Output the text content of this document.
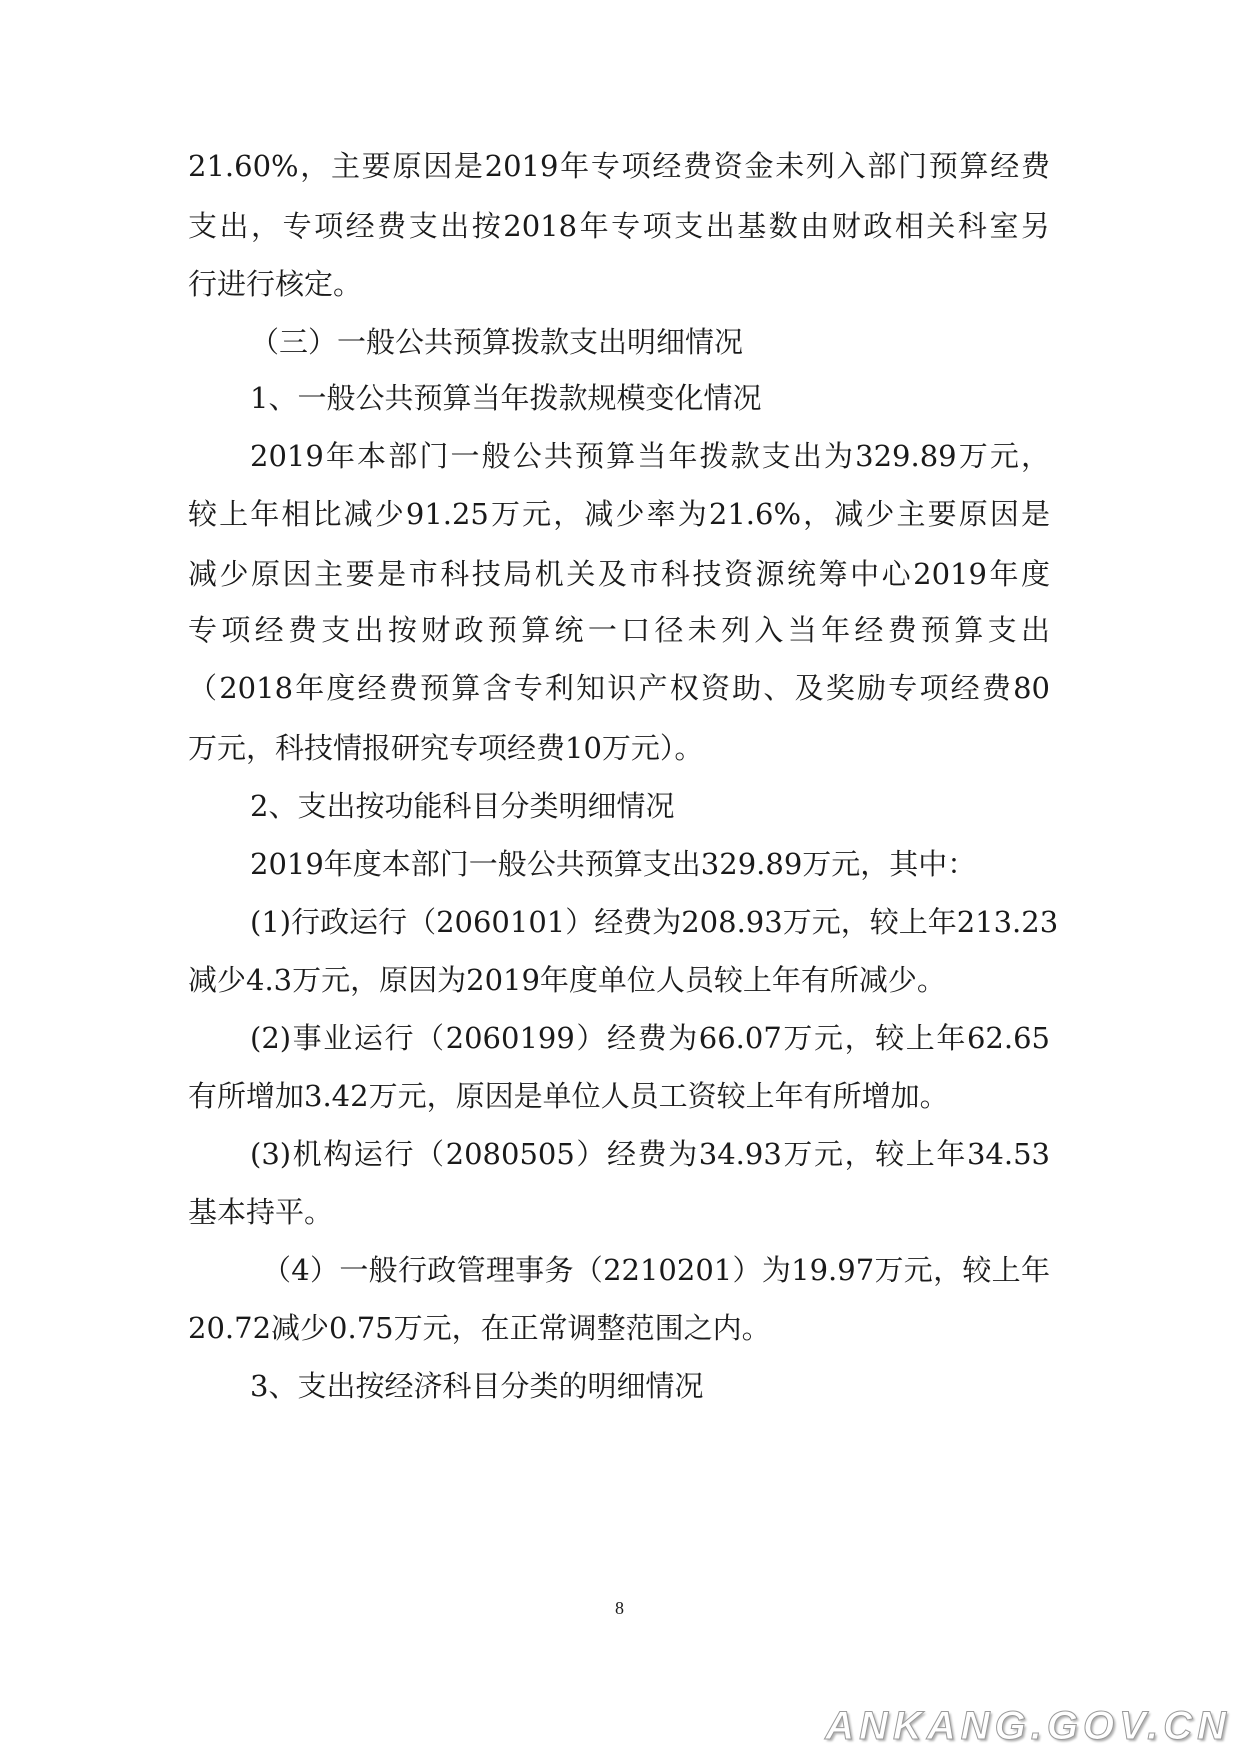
21.60%，主要原因是2019年专项经费资金未列入部门预算经费

支出，专项经费支出按2018年专项支出基数由财政相关科室另

行进行核定。

（三）一般公共预算拨款支出明细情况

1、一般公共预算当年拨款规模变化情况

2019年本部门一般公共预算当年拨款支出为329.89万元，

较上年相比减少91.25万元，减少率为21.6%，减少主要原因是

减少原因主要是市科技局机关及市科技资源统筹中心2019年度

专项经费支出按财政预算统一口径未列入当年经费预算支出

（2018年度经费预算含专利知识产权资助、及奖励专项经费80

万元，科技情报研究专项经费10万元）。

2、支出按功能科目分类明细情况

2019年度本部门一般公共预算支出329.89万元，其中：

(1)行政运行（2060101）经费为208.93万元，较上年213.23

减少4.3万元，原因为2019年度单位人员较上年有所减少。

(2)事业运行（2060199）经费为66.07万元，较上年62.65

有所增加3.42万元，原因是单位人员工资较上年有所增加。

(3)机构运行（2080505）经费为34.93万元，较上年34.53

基本持平。

（4）一般行政管理事务（2210201）为19.97万元，较上年

20.72减少0.75万元，在正常调整范围之内。

3、支出按经济科目分类的明细情况

8
ANKANG.GOV.CN
